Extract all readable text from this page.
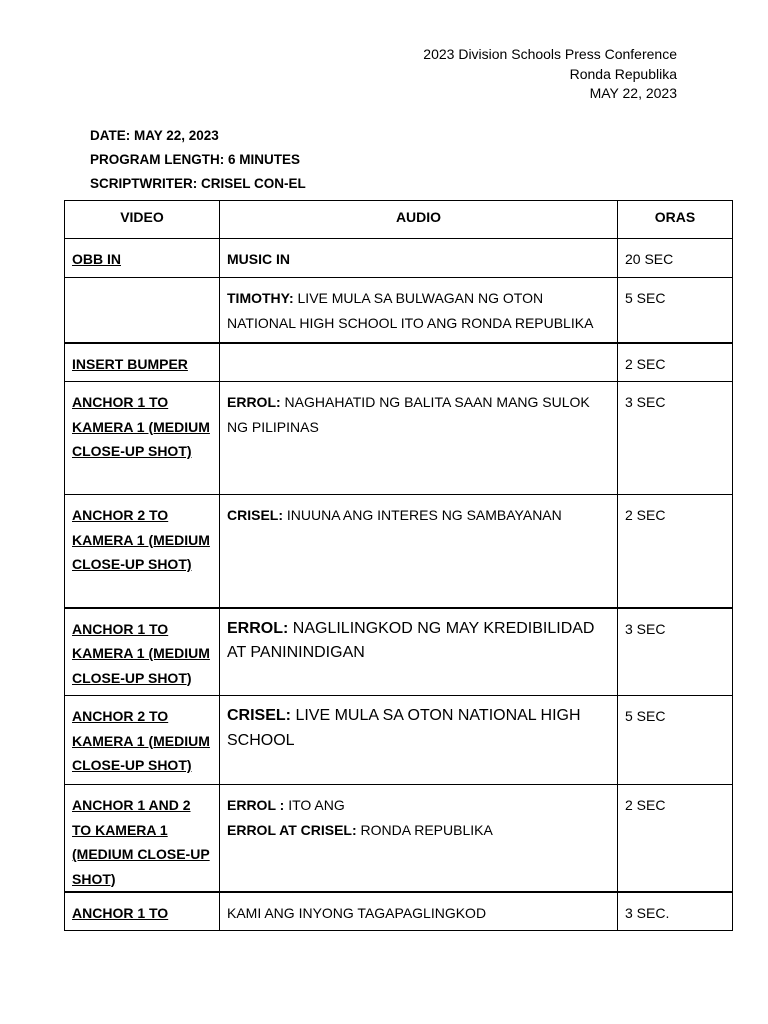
2023 Division Schools Press Conference
Ronda Republika
MAY 22, 2023
DATE: MAY 22, 2023
PROGRAM LENGTH: 6 MINUTES
SCRIPTWRITER: CRISEL CON-EL
VIDEO	AUDIO	ORAS
OBB IN	MUSIC IN	20 SEC
	TIMOTHY: LIVE MULA SA BULWAGAN NG OTON NATIONAL HIGH SCHOOL ITO ANG RONDA REPUBLIKA	5 SEC
INSERT BUMPER		2 SEC
ANCHOR 1 TO KAMERA 1 (MEDIUM CLOSE-UP SHOT)	ERROL: NAGHAHATID NG BALITA SAAN MANG SULOK NG PILIPINAS	3 SEC
ANCHOR 2 TO KAMERA 1 (MEDIUM CLOSE-UP SHOT)	CRISEL: INUUNA ANG INTERES NG SAMBAYANAN	2 SEC
ANCHOR 1 TO KAMERA 1 (MEDIUM CLOSE-UP SHOT)	ERROL: NAGLILINGKOD NG MAY KREDIBILIDAD AT PANININDIGAN	3 SEC
ANCHOR 2 TO KAMERA 1 (MEDIUM CLOSE-UP SHOT)	CRISEL: LIVE MULA SA OTON NATIONAL HIGH SCHOOL	5 SEC
ANCHOR 1 AND 2 TO KAMERA 1 (MEDIUM CLOSE-UP SHOT)	ERROL : ITO ANG
ERROL AT CRISEL: RONDA REPUBLIKA	2 SEC
ANCHOR 1 TO	KAMI ANG INYONG TAGAPAGLINGKOD	3 SEC.
